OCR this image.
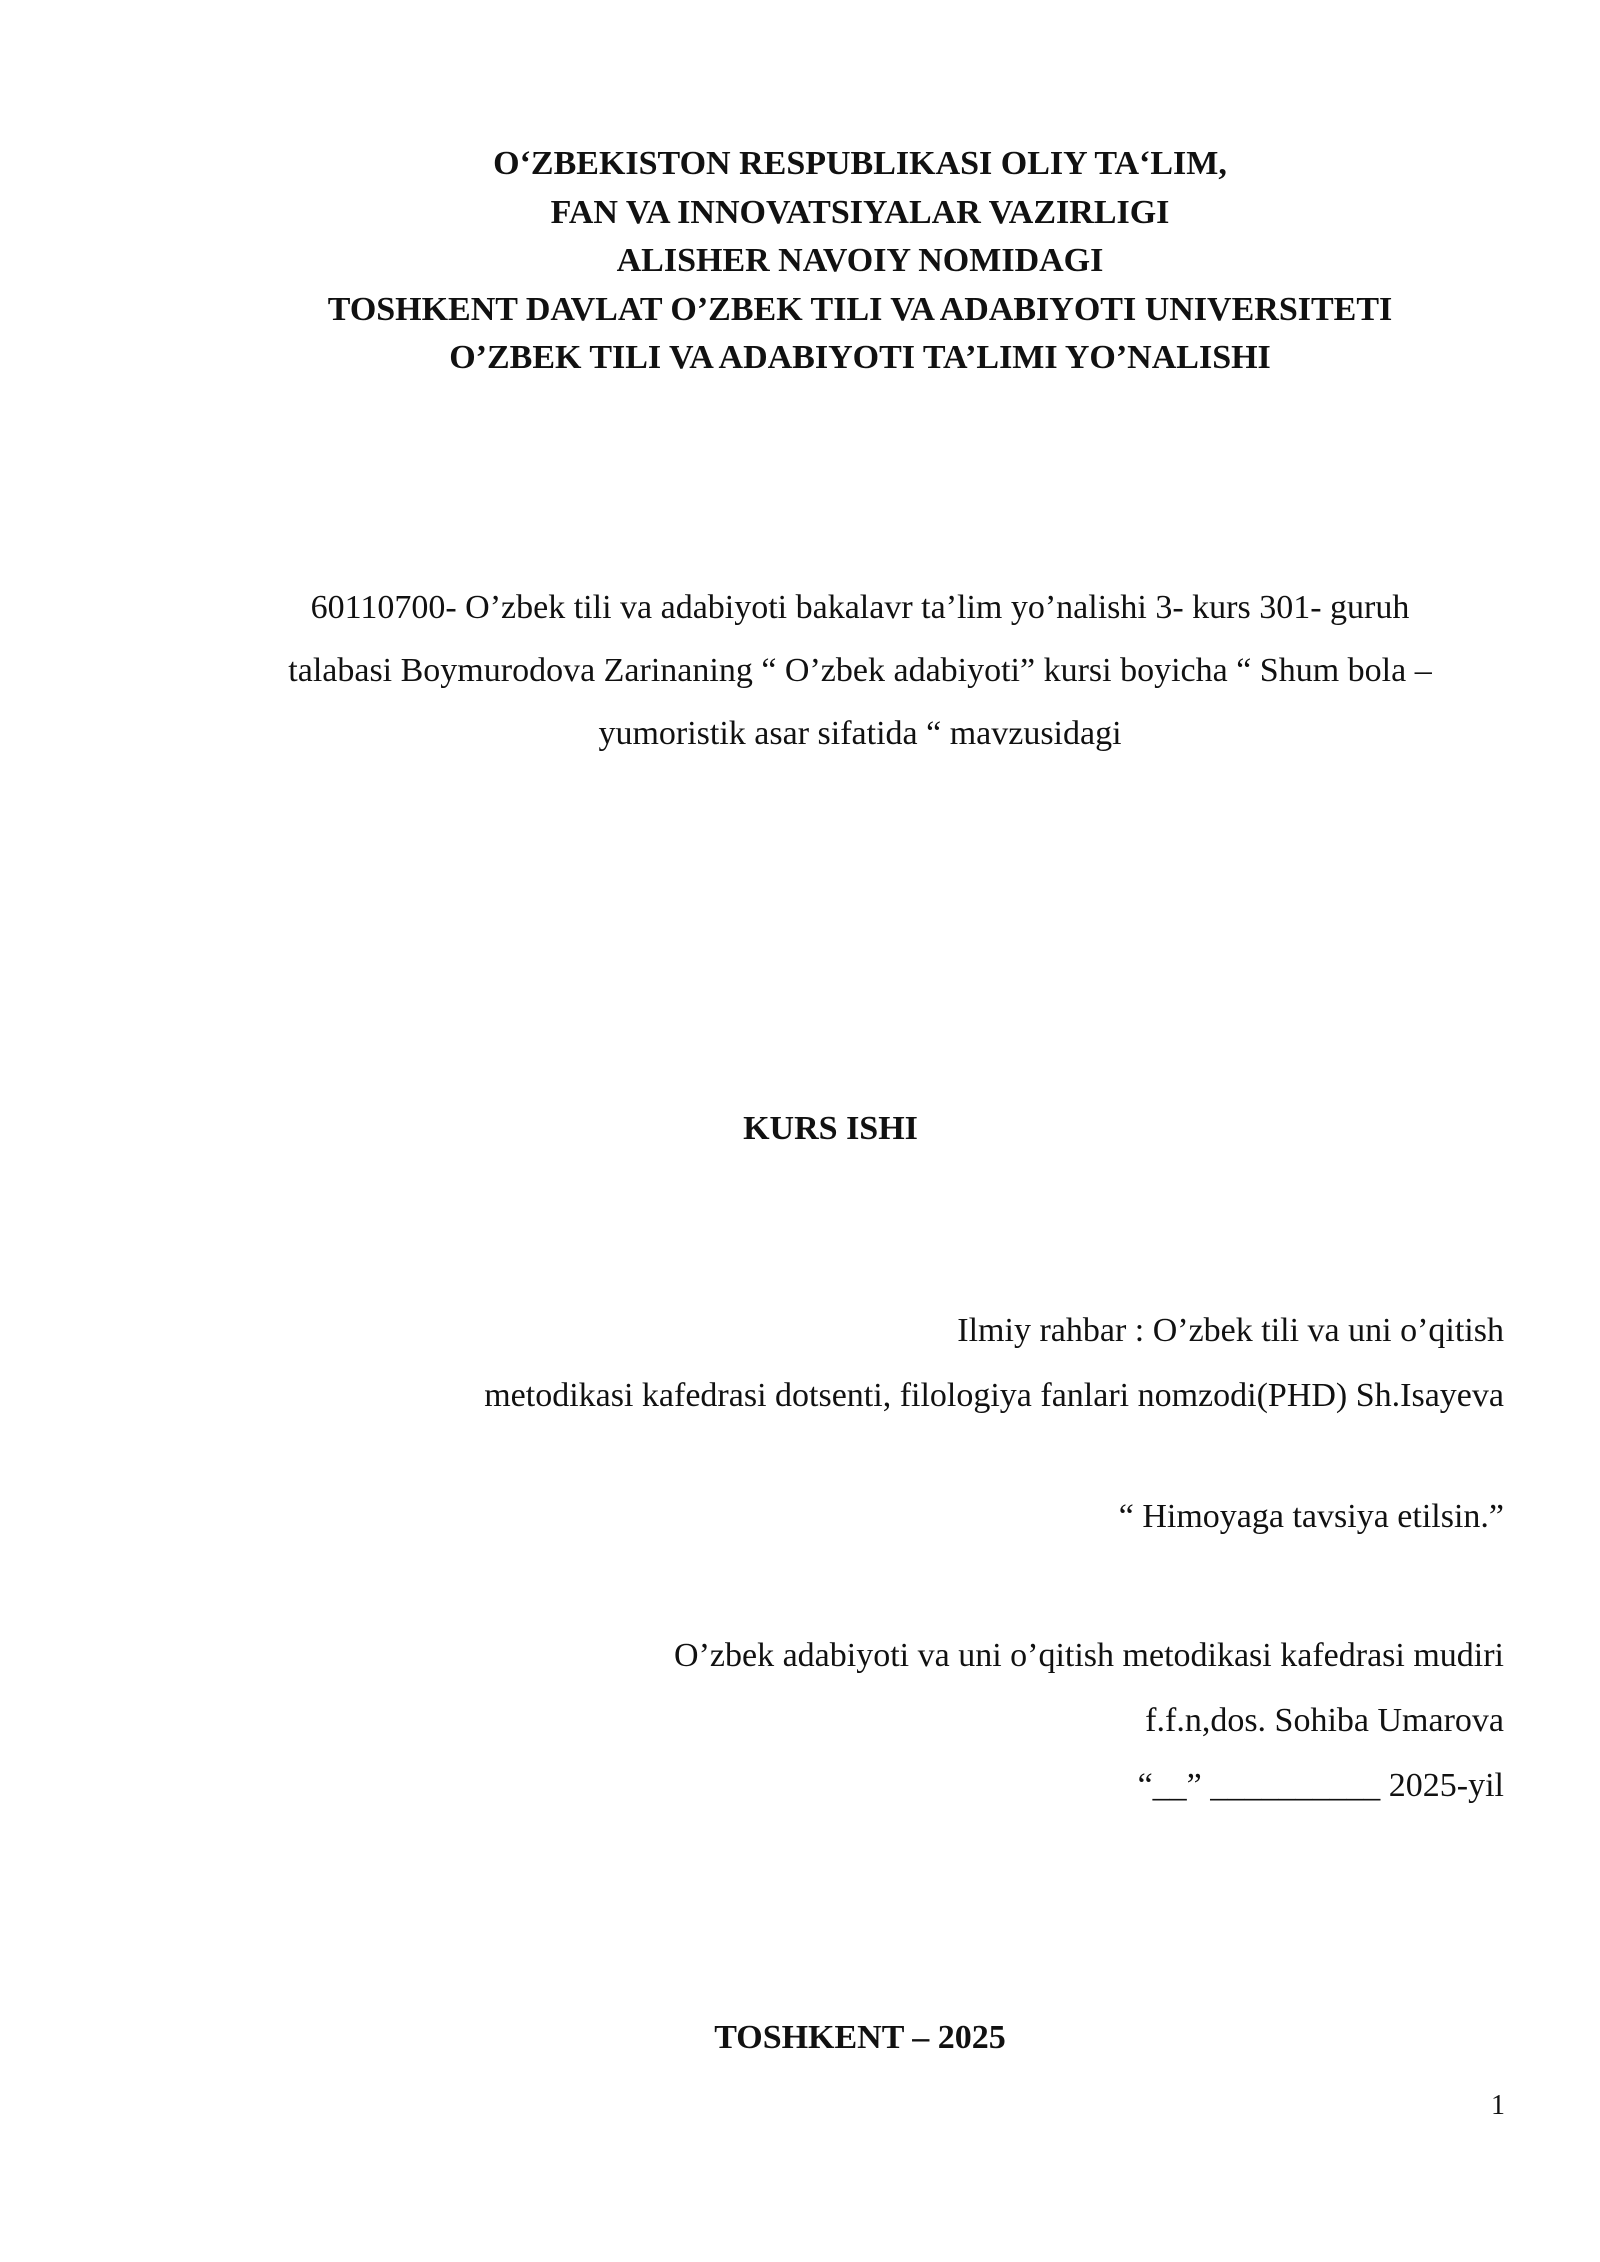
O‘ZBEKISTON RESPUBLIKASI OLIY TA‘LIM,
FAN VA INNOVATSIYALAR VAZIRLIGI
ALISHER NAVOIY NOMIDAGI
TOSHKENT DAVLAT O’ZBEK TILI VA ADABIYOTI UNIVERSITETI
O’ZBEK TILI VA ADABIYOTI TA’LIMI YO’NALISHI
60110700- O’zbek tili va adabiyoti bakalavr ta’lim yo’nalishi 3- kurs 301- guruh
talabasi Boymurodova Zarinaning “ O’zbek adabiyoti” kursi boyicha “ Shum bola –
yumoristik asar sifatida “ mavzusidagi
KURS ISHI
Ilmiy rahbar : O’zbek tili va uni o’qitish
metodikasi kafedrasi dotsenti, filologiya fanlari nomzodi(PHD) Sh.Isayeva
“ Himoyaga tavsiya etilsin.”
O’zbek adabiyoti va uni o’qitish metodikasi kafedrasi mudiri
f.f.n,dos. Sohiba Umarova
“__” __________ 2025-yil
TOSHKENT – 2025
1
